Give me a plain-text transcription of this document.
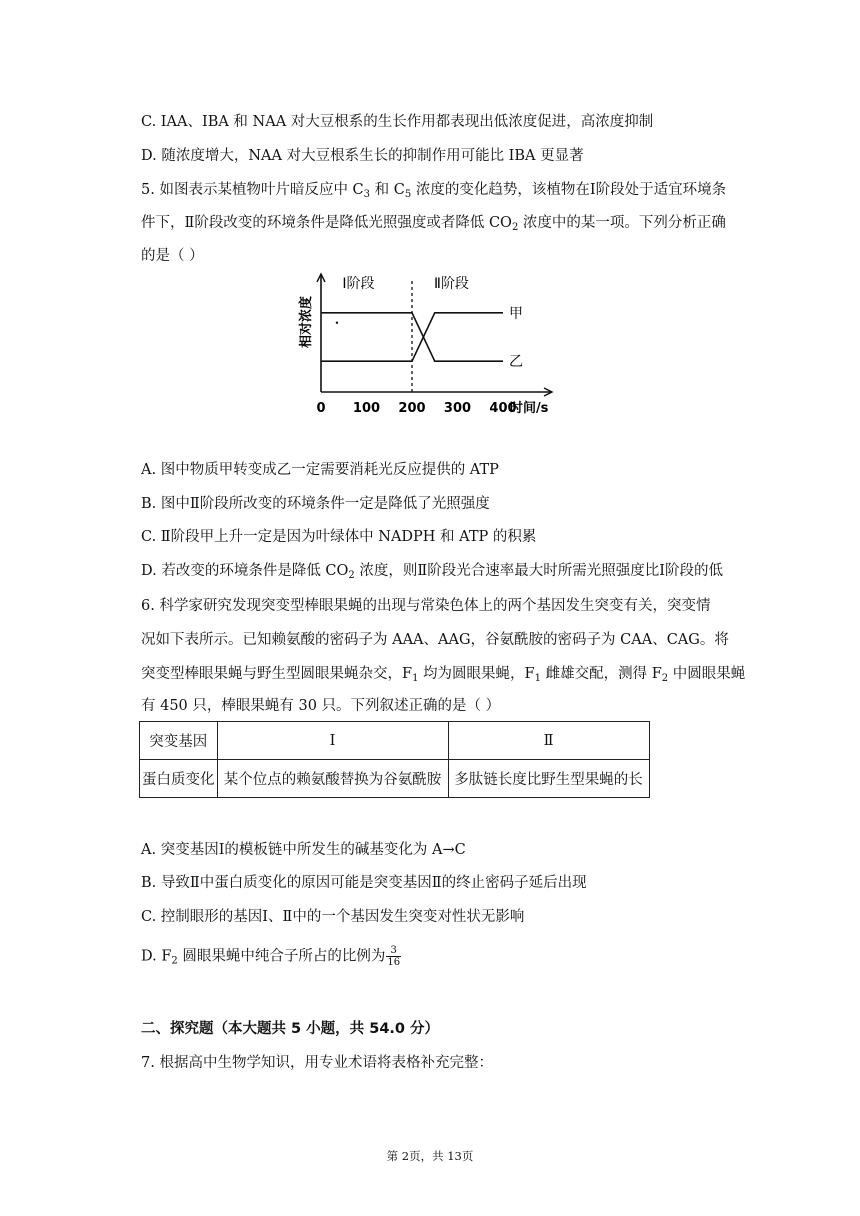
C. IAA、IBA 和 NAA 对大豆根系的生长作用都表现出低浓度促进，高浓度抑制
D. 随浓度增大，NAA 对大豆根系生长的抑制作用可能比 IBA 更显著
5. 如图表示某植物叶片暗反应中 $C_3$ 和 $C_5$ 浓度的变化趋势，该植物在Ⅰ阶段处于适宜环境条
件下，Ⅱ阶段改变的环境条件是降低光照强度或者降低 $CO_2$ 浓度中的某一项。下列分析正确
的是（ ）
相对浓度
0 100 200 300 400
时间/s
Ⅰ阶段	Ⅱ阶段
乙
甲
A. 图中物质甲转变成乙一定需要消耗光反应提供的 ATP
B. 图中Ⅱ阶段所改变的环境条件一定是降低了光照强度
C. Ⅱ阶段甲上升一定是因为叶绿体中 NADPH 和 ATP 的积累
D. 若改变的环境条件是降低 $CO_2$ 浓度，则Ⅱ阶段光合速率最大时所需光照强度比Ⅰ阶段的低
6. 科学家研究发现突变型棒眼果蝇的出现与常染色体上的两个基因发生突变有关，突变情
况如下表所示。已知赖氨酸的密码子为 AAA、AAG，谷氨酰胺的密码子为 CAA、CAG。将
突变型棒眼果蝇与野生型圆眼果蝇杂交，$F_1$ 均为圆眼果蝇，$F_1$ 雌雄交配，测得 $F_2$ 中圆眼果蝇
有 450 只，棒眼果蝇有 30 只。下列叙述正确的是（ ）
突变基因	Ⅰ	Ⅱ
蛋白质变化	某个位点的赖氨酸替换为谷氨酰胺	多肽链长度比野生型果蝇的长
A. 突变基因Ⅰ的模板链中所发生的碱基变化为 A→C
B. 导致Ⅱ中蛋白质变化的原因可能是突变基因Ⅱ的终止密码子延后出现
C. 控制眼形的基因Ⅰ、Ⅱ中的一个基因发生突变对性状无影响
D. $F_2$ 圆眼果蝇中纯合子所占的比例为 $\frac{3}{16}$
二、探究题（本大题共 5 小题，共 54.0 分）
7. 根据高中生物学知识，用专业术语将表格补充完整：
第 2页，共 13页
